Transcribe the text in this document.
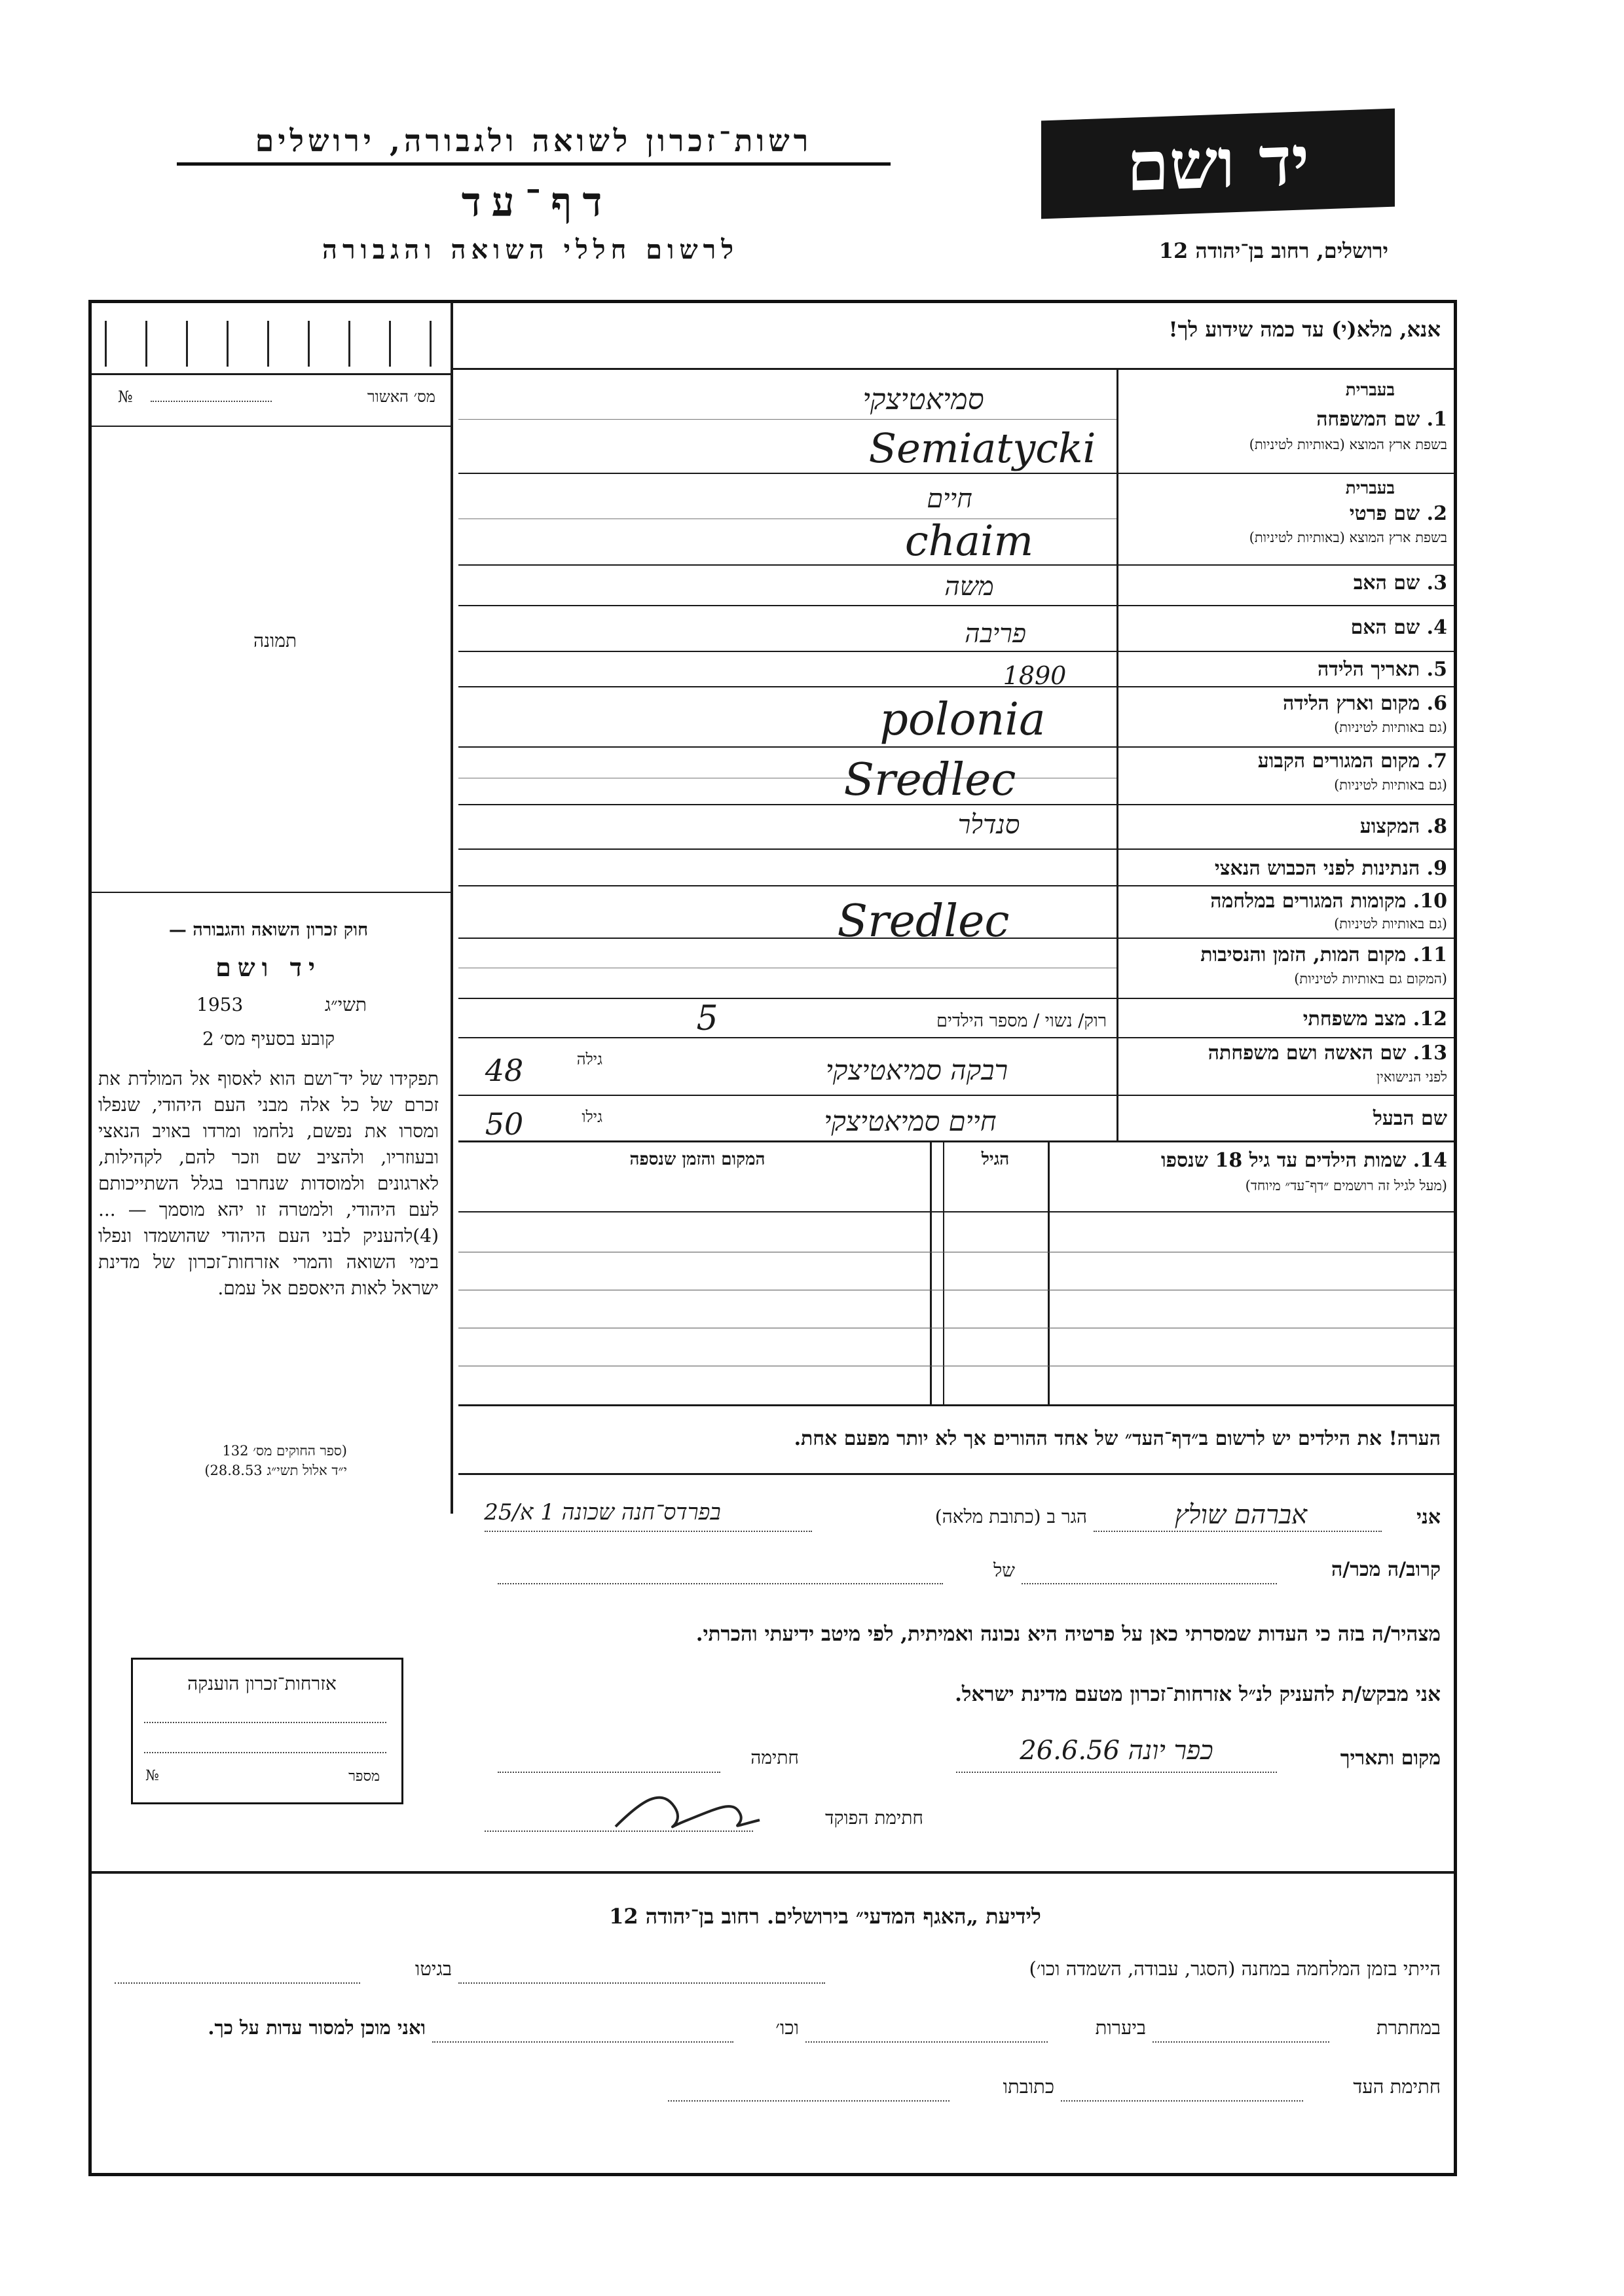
רשות־זכרון לשואה ולגבורה, ירושלים
דף־עד
לרשום חללי השואה והגבורה
יד ושם
ירושלים, רחוב בן־יהודה 12
מס׳ האשור
№
תמונה
חוק זכרון השואה והגבורה —
יד ושם
תשי״ג
1953
קובע בסעיף מס׳ 2
תפקידו של יד־ושם הוא לאסוף אל המולדת את זכרם של כל אלה מבני העם היהודי, שנפלו ומסרו את נפשם, נלחמו ומרדו באויב הנאצי ובעוזריו, ולהציב שם וזכר להם, לקהילות, לארגונים ולמוסדות שנחרבו בגלל השתייכותם לעם היהודי, ולמטרה זו יהא מוסמך — ...(4)להעניק לבני העם היהודי שהושמדו ונפלו בימי השואה והמרי אזרחות־זכרון של מדינת ישראל לאות היאספם אל עמם.
(ספר החוקים מס׳ 132
י״ד אלול תשי״ג 28.8.53)
אזרחות־זכרון הוענקה
מספר
№
אנא, מלא(י) עד כמה שידוע לך!
בעברית
1. שם המשפחה
בשפת ארץ המוצא (באותיות לטיניות)
סמיאטיצקי
Semiatycki
בעברית
2. שם פרטי
בשפת ארץ המוצא (באותיות לטיניות)
חיים
chaim
3. שם האב
משה
4. שם האם
פריבה
5. תאריך הלידה
1890
6. מקום וארץ הלידה
(גם באותיות לטיניות)
polonia
7. מקום המגורים הקבוע
(גם באותיות לטיניות)
Sredlec
8. המקצוע
סנדלר
9. הנתינות לפני הכבוש הנאצי
10. מקומות המגורים במלחמה
(גם באותיות לטיניות)
Sredlec
11. מקום המות, הזמן והנסיבות
(המקום גם באותיות לטיניות)
12. מצב משפחתי
רוק/ נשוי / מספר הילדים
5
13. שם האשה ושם משפחתה
לפני הנישואין
גילה
48	רבקה סמיאטיצקי
שם הבעל
גילו
50	חיים סמיאטיצקי
14. שמות הילדים עד גיל 18 שנספו
(מעל לגיל זה רושמים ״דף־עד״ מיוחד)
הגיל
המקום והזמן שנספה
הערה! את הילדים יש לרשום ב״דף־העד״ של אחד ההורים אך לא יותר מפעם אחת.
אני
אברהם שולץ
הגר ב (כתובת מלאה)
בפרדס־חנה שכונה 1 א/25
קרוב/ה מכר/ה
של
מצהיר/ה בזה כי העדות שמסרתי כאן על פרטיה היא נכונה ואמיתית, לפי מיטב ידיעתי והכרתי.
אני מבקש/ת להעניק לנ״ל אזרחות־זכרון מטעם מדינת ישראל.
מקום ותאריך
כפר יונה 26.6.56
חתימה
חתימת הפוקד
לידיעת „האגף המדעי״ בירושלים. רחוב בן־יהודה 12
הייתי בזמן המלחמה במחנה (הסגר, עבודה, השמדה וכו׳)
בגיטו
במחתרת
ביערות
וכו׳
ואני מוכן למסור עדות על כך.
חתימת העד
כתובתו
